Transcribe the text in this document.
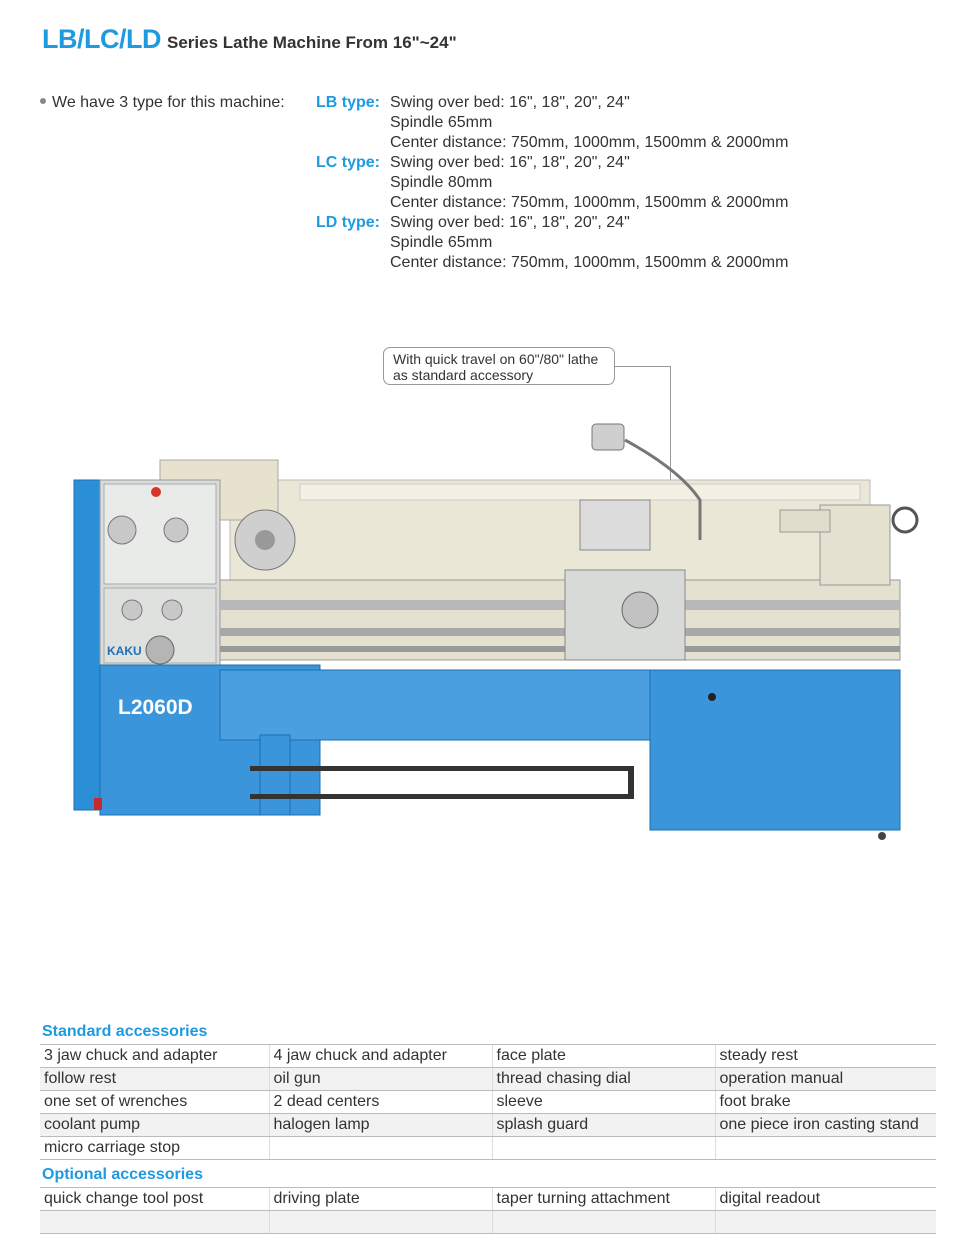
LB/LC/LD Series Lathe Machine From 16"~24"
We have 3 type for this machine: LB type: Swing over bed: 16", 18", 20", 24"
Spindle 65mm
Center distance: 750mm, 1000mm, 1500mm & 2000mm
LC type: Swing over bed: 16", 18", 20", 24"
Spindle 80mm
Center distance: 750mm, 1000mm, 1500mm & 2000mm
LD type: Swing over bed: 16", 18", 20", 24"
Spindle 65mm
Center distance: 750mm, 1000mm, 1500mm & 2000mm
With quick travel on 60"/80" lathe
as standard accessory
KAKU
L2060D
Standard accessories
3 jaw chuck and adapter	4 jaw chuck and adapter	face plate	steady rest
follow rest	oil gun	thread chasing dial	operation manual
one set of wrenches	2 dead centers	sleeve	foot brake
coolant pump	halogen lamp	splash guard	one piece iron casting stand
micro carriage stop			
Optional accessories
quick change tool post	driving plate	taper turning attachment	digital readout
